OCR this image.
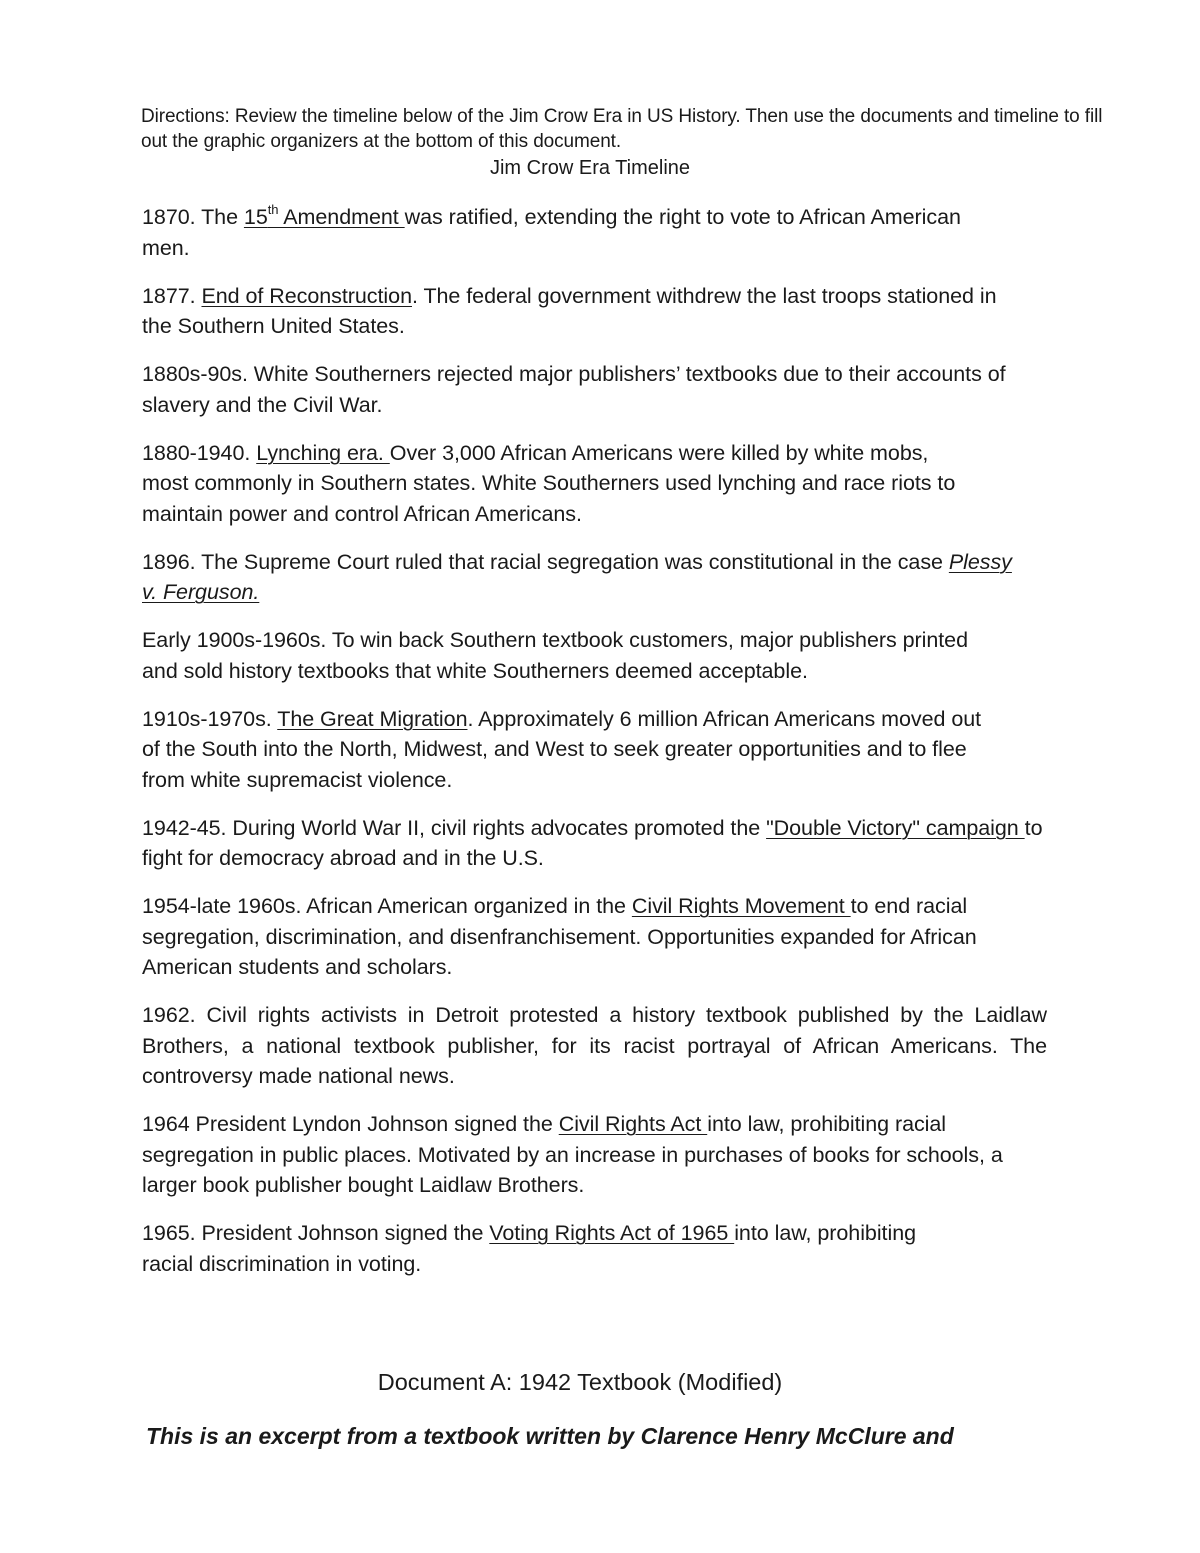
Directions: Review the timeline below of the Jim Crow Era in US History. Then use the documents and timeline to fill out the graphic organizers at the bottom of this document.
Jim Crow Era Timeline

1870. The 15th Amendment was ratified, extending the right to vote to African American men.

1877. End of Reconstruction. The federal government withdrew the last troops stationed in the Southern United States.

1880s-90s. White Southerners rejected major publishers’ textbooks due to their accounts of slavery and the Civil War.

1880-1940. Lynching era. Over 3,000 African Americans were killed by white mobs, most commonly in Southern states. White Southerners used lynching and race riots to maintain power and control African Americans.

1896. The Supreme Court ruled that racial segregation was constitutional in the case Plessy v. Ferguson.

Early 1900s-1960s. To win back Southern textbook customers, major publishers printed and sold history textbooks that white Southerners deemed acceptable.

1910s-1970s. The Great Migration. Approximately 6 million African Americans moved out of the South into the North, Midwest, and West to seek greater opportunities and to flee from white supremacist violence.

1942-45. During World War II, civil rights advocates promoted the "Double Victory" campaign to fight for democracy abroad and in the U.S.

1954-late 1960s. African American organized in the Civil Rights Movement to end racial segregation, discrimination, and disenfranchisement. Opportunities expanded for African American students and scholars.

1962. Civil rights activists in Detroit protested a history textbook published by the Laidlaw Brothers, a national textbook publisher, for its racist portrayal of African Americans. The controversy made national news.

1964 President Lyndon Johnson signed the Civil Rights Act into law, prohibiting racial segregation in public places. Motivated by an increase in purchases of books for schools, a larger book publisher bought Laidlaw Brothers.

1965. President Johnson signed the Voting Rights Act of 1965 into law, prohibiting racial discrimination in voting.

Document A: 1942 Textbook (Modified)
This is an excerpt from a textbook written by Clarence Henry McClure and
